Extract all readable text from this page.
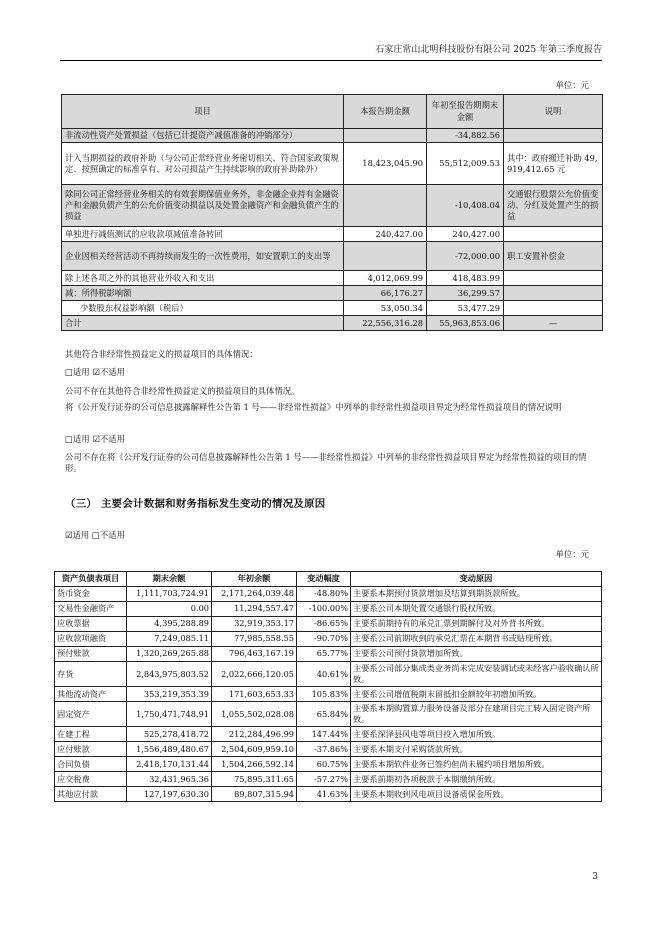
石家庄常山北明科技股份有限公司 2025 年第三季度报告
单位：元
项目	本报告期金额	年初至报告期期末金额	说明
非流动性资产处置损益（包括已计提资产减值准备的冲销部分）		-34,882.56	
计入当期损益的政府补助（与公司正常经营业务密切相关、符合国家政策规定、按照确定的标准享有、对公司损益产生持续影响的政府补助除外）	18,423,045.90	55,512,009.53	其中：政府搬迁补助 49,919,412.65 元
除同公司正常经营业务相关的有效套期保值业务外，非金融企业持有金融资产和金融负债产生的公允价值变动损益以及处置金融资产和金融负债产生的损益		-10,408.04	交通银行股票公允价值变动、分红及处置产生的损益
单独进行减值测试的应收款项减值准备转回	240,427.00	240,427.00	
企业因相关经营活动不再持续而发生的一次性费用，如安置职工的支出等		-72,000.00	职工安置补偿金
除上述各项之外的其他营业外收入和支出	4,012,069.99	418,483.99	
减：所得税影响额	66,176.27	36,299.57	
少数股东权益影响额（税后）	53,050.34	53,477.29	
合计	22,556,316.28	55,963,853.06	—
其他符合非经常性损益定义的损益项目的具体情况：
□适用 ☑不适用
公司不存在其他符合非经常性损益定义的损益项目的具体情况。
将《公开发行证券的公司信息披露解释性公告第 1 号——非经常性损益》中列举的非经常性损益项目界定为经常性损益项目的情况说明
□适用 ☑不适用
公司不存在将《公开发行证券的公司信息披露解释性公告第 1 号——非经常性损益》中列举的非经常性损益项目界定为经常性损益的项目的情形。
（三） 主要会计数据和财务指标发生变动的情况及原因
☑适用 □不适用
单位：元
资产负债表项目	期末余额	年初余额	变动幅度	变动原因
货币资金	1,111,703,724.91	2,171,264,039.48	-48.80%	主要系本期预付货款增加及结算到期货款所致。
交易性金融资产	0.00	11,294,557.47	-100.00%	主要系公司本期处置交通银行股权所致。
应收票据	4,395,288.89	32,919,353.17	-86.65%	主要系前期持有的承兑汇票到期解付及对外背书所致。
应收款项融资	7,249,085.11	77,985,558.55	-90.70%	主要系公司前期收到的承兑汇票在本期背书或贴现所致。
预付账款	1,320,269,265.88	796,463,167.19	65.77%	主要系公司预付货款增加所致。
存货	2,843,975,803.52	2,022,666,120.05	40.61%	主要系公司部分集成类业务尚未完成安装调试或未经客户验收确认所致。
其他流动资产	353,219,353.39	171,603,653.33	105.83%	主要系公司增值税期末留抵扣金额较年初增加所致。
固定资产	1,750,471,748.91	1,055,502,028.08	65.84%	主要系本期购置算力服务设备及部分在建项目完工转入固定资产所致。
在建工程	525,278,418.72	212,284,496.99	147.44%	主要系深泽县风电等项目投入增加所致。
应付账款	1,556,489,480.67	2,504,609,959.10	-37.86%	主要系本期支付采购货款所致。
合同负债	2,418,170,131.44	1,504,266,592.14	60.75%	主要系本期软件业务已签约但尚未履约项目增加所致。
应交税费	32,431,965.36	75,895,311.65	-57.27%	主要系前期初各项税款于本期缴纳所致。
其他应付款	127,197,630.30	89,807,315.94	41.63%	主要系本期收到风电项目设备质保金所致。
3
